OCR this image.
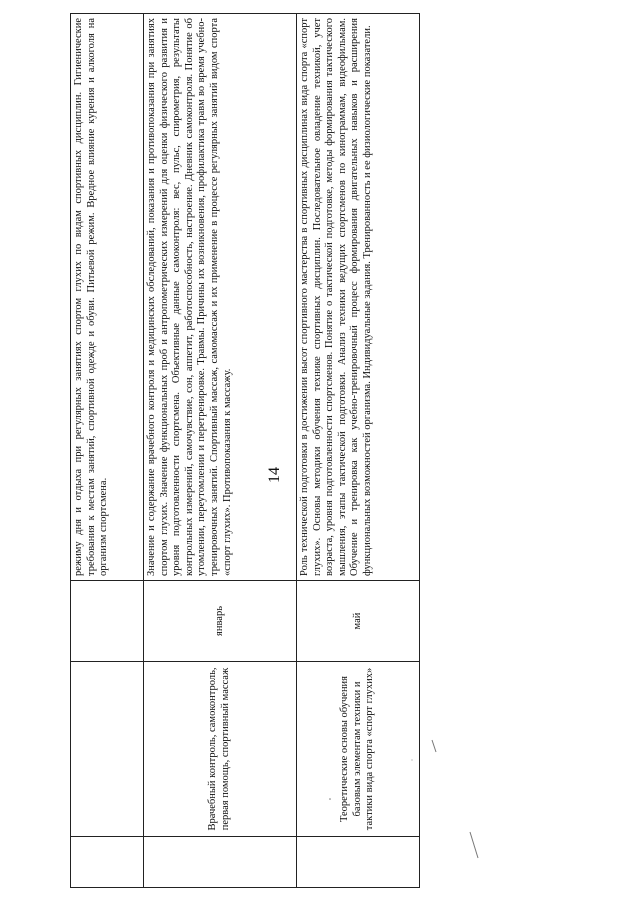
14
			режиму дня и отдыха при регулярных занятиях спортом глухих по видам спортивных дисциплин. Гигиенические требования к местам занятий, спортивной одежде и обуви. Питьевой режим. Вредное влияние курения и алкоголя на организм спортсмена.
	Врачебный контроль, самоконтроль, первая помощь, спортивный массаж	январь	Значение и содержание врачебного контроля и медицинских обследований, показания и противопоказания при занятиях спортом глухих. Значение функциональных проб и антропометрических измерений для оценки физического развития и уровня подготовленности спортсмена. Объективные данные самоконтроля: вес, пульс, спирометрия, результаты контрольных измерений, самочувствие, сон, аппетит, работоспособность, настроение. Дневник самоконтроля. Понятие об утомлении, переутомлении и перетренировке. Травмы. Причины их возникновения, профилактика травм во время учебно-тренировочных занятий. Спортивный массаж, самомассаж и их применение в процессе регулярных занятий видом спорта «спорт глухих». Противопоказания к массажу.
	Теоретические основы обучения базовым элементам техники и тактики вида спорта «спорт глухих»	май	Роль технической подготовки в достижении высот спортивного мастерства в спортивных дисциплинах вида спорта «спорт глухих». Основы методики обучения технике спортивных дисциплин. Последовательное овладение техникой, учет возраста, уровня подготовленности спортсменов. Понятие о тактической подготовке, методы формирования тактического мышления, этапы тактической подготовки. Анализ техники ведущих спортсменов по кинограммам, видеофильмам. Обучение и тренировка как учебно-тренировочный процесс формирования двигательных навыков и расширения функциональных возможностей организма. Индивидуальные задания. Тренированность и ее физиологические показатели.
